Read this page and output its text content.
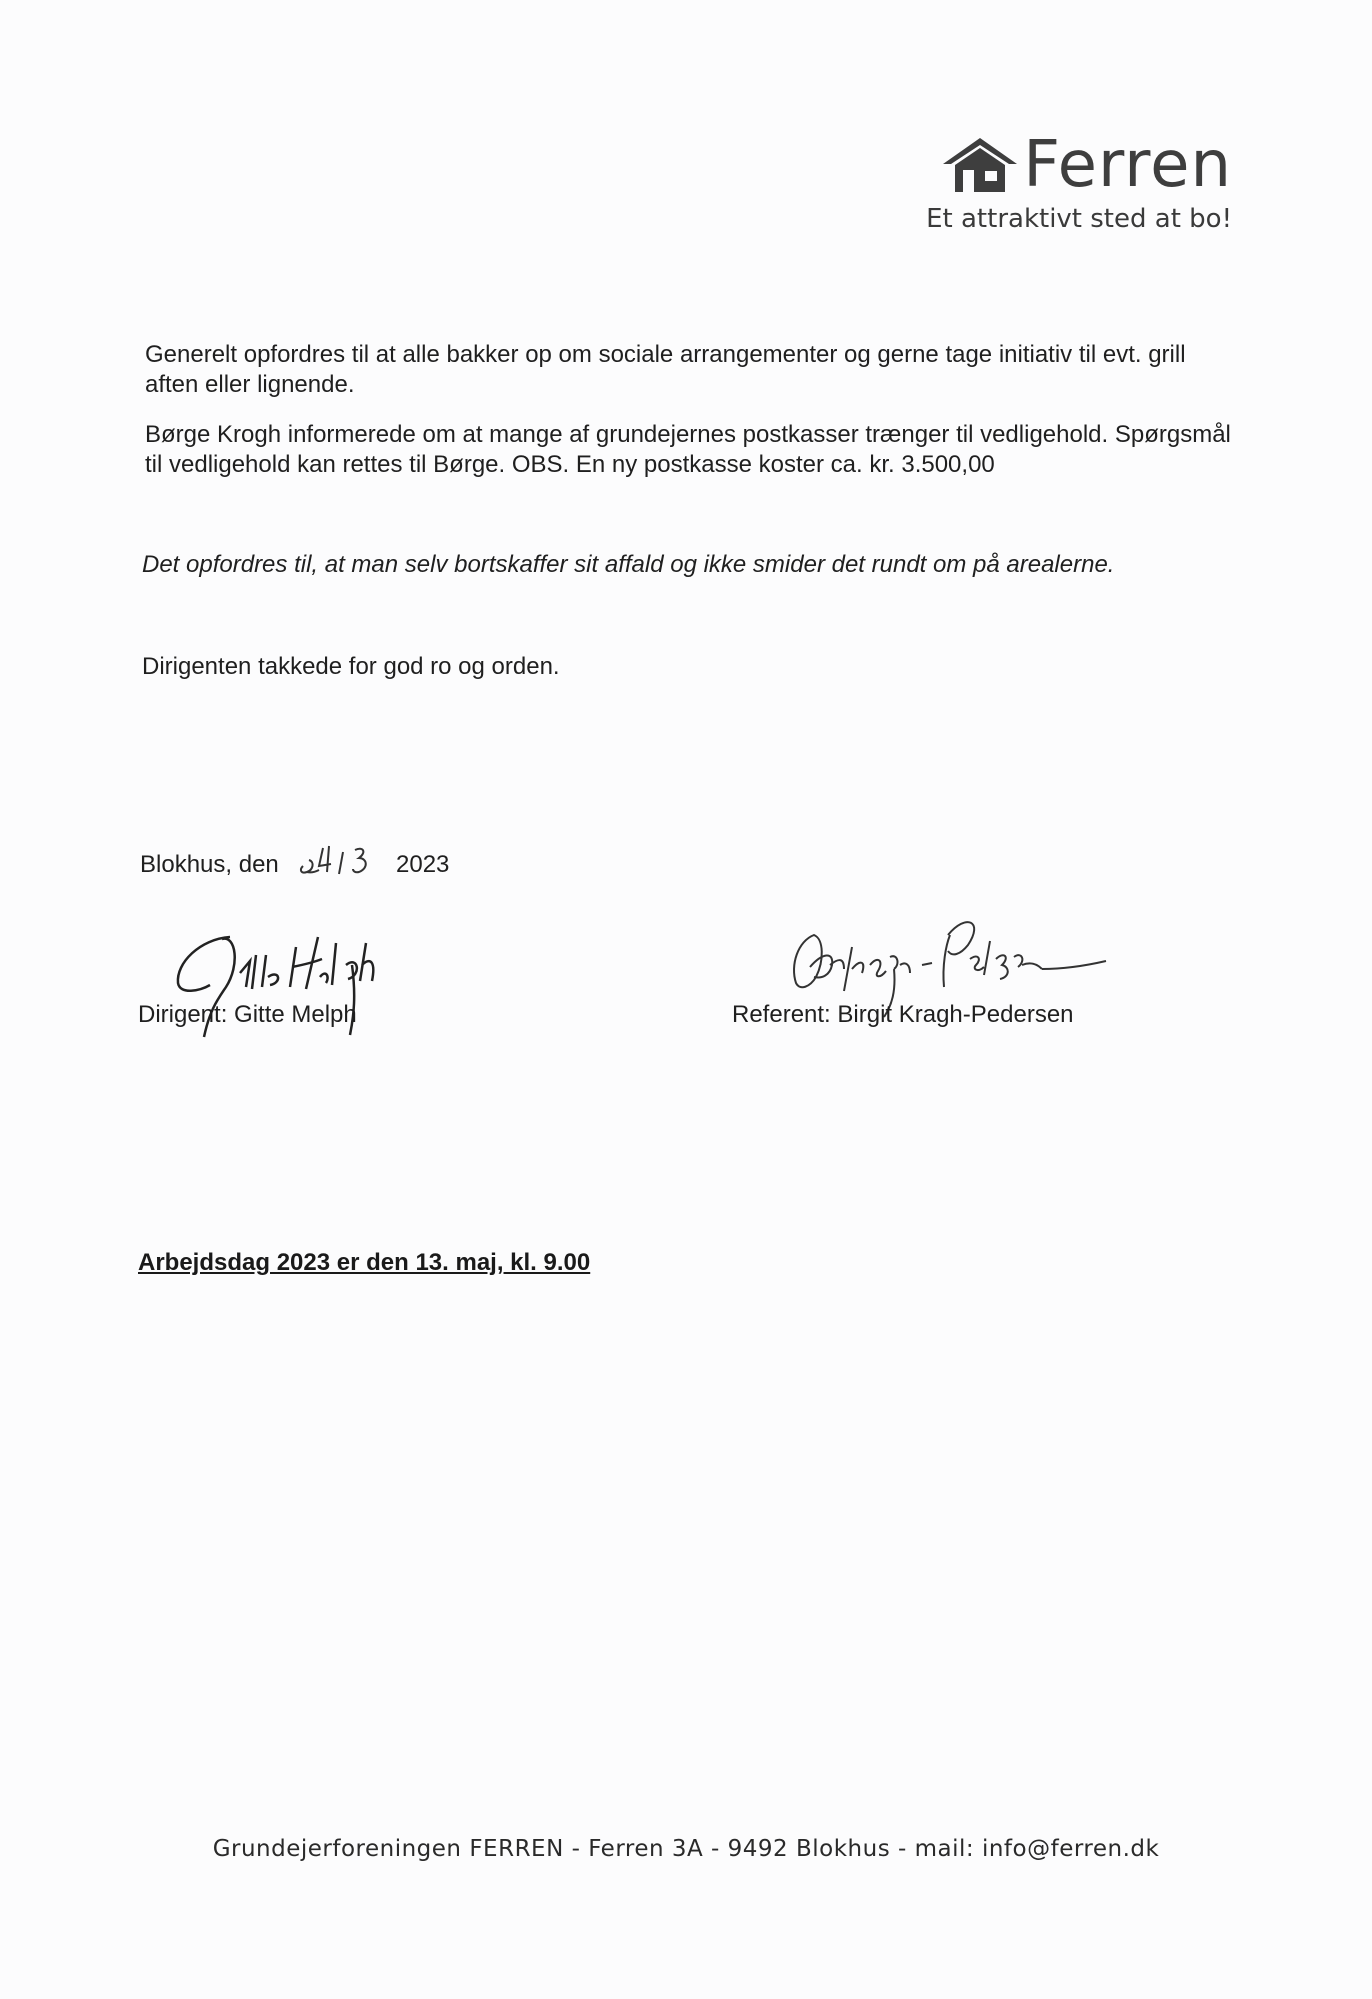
Ferren
Et attraktivt sted at bo!
Generelt opfordres til at alle bakker op om sociale arrangementer og gerne tage initiativ til evt. grill aften eller lignende.
Børge Krogh informerede om at mange af grundejernes postkasser trænger til vedligehold. Spørgsmål til vedligehold kan rettes til Børge. OBS. En ny postkasse koster ca. kr. 3.500,00
Det opfordres til, at man selv bortskaffer sit affald og ikke smider det rundt om på arealerne.
Dirigenten takkede for god ro og orden.
Blokhus, den	2023
Dirigent: Gitte Melph	Referent: Birgit Kragh-Pedersen
Arbejdsdag 2023 er den 13. maj, kl. 9.00
Grundejerforeningen FERREN - Ferren 3A - 9492 Blokhus - mail: info@ferren.dk
